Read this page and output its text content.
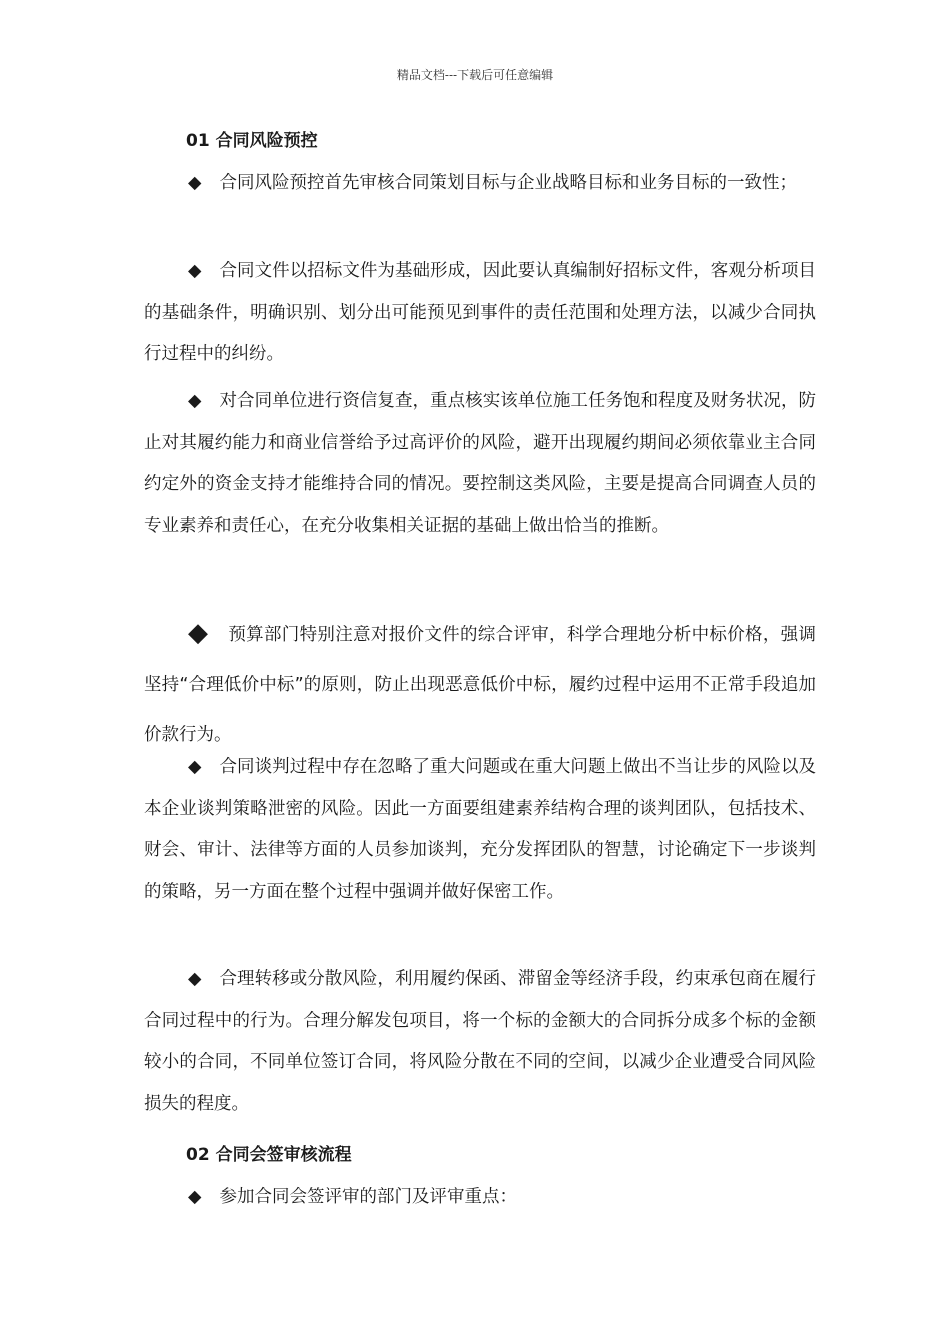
精品文档---下载后可任意编辑
01 合同风险预控
◆ 合同风险预控首先审核合同策划目标与企业战略目标和业务目标的一致性；
◆ 合同文件以招标文件为基础形成，因此要认真编制好招标文件，客观分析项目的基础条件，明确识别、划分出可能预见到事件的责任范围和处理方法，以减少合同执行过程中的纠纷。
◆ 对合同单位进行资信复查，重点核实该单位施工任务饱和程度及财务状况，防止对其履约能力和商业信誉给予过高评价的风险，避开出现履约期间必须依靠业主合同约定外的资金支持才能维持合同的情况。要控制这类风险，主要是提高合同调查人员的专业素养和责任心，在充分收集相关证据的基础上做出恰当的推断。
◆ 预算部门特别注意对报价文件的综合评审，科学合理地分析中标价格，强调坚持“合理低价中标”的原则，防止出现恶意低价中标，履约过程中运用不正常手段追加价款行为。
◆ 合同谈判过程中存在忽略了重大问题或在重大问题上做出不当让步的风险以及本企业谈判策略泄密的风险。因此一方面要组建素养结构合理的谈判团队，包括技术、财会、审计、法律等方面的人员参加谈判，充分发挥团队的智慧，讨论确定下一步谈判的策略，另一方面在整个过程中强调并做好保密工作。
◆ 合理转移或分散风险，利用履约保函、滞留金等经济手段，约束承包商在履行合同过程中的行为。合理分解发包项目，将一个标的金额大的合同拆分成多个标的金额较小的合同，不同单位签订合同，将风险分散在不同的空间，以减少企业遭受合同风险损失的程度。
02 合同会签审核流程
◆ 参加合同会签评审的部门及评审重点：
